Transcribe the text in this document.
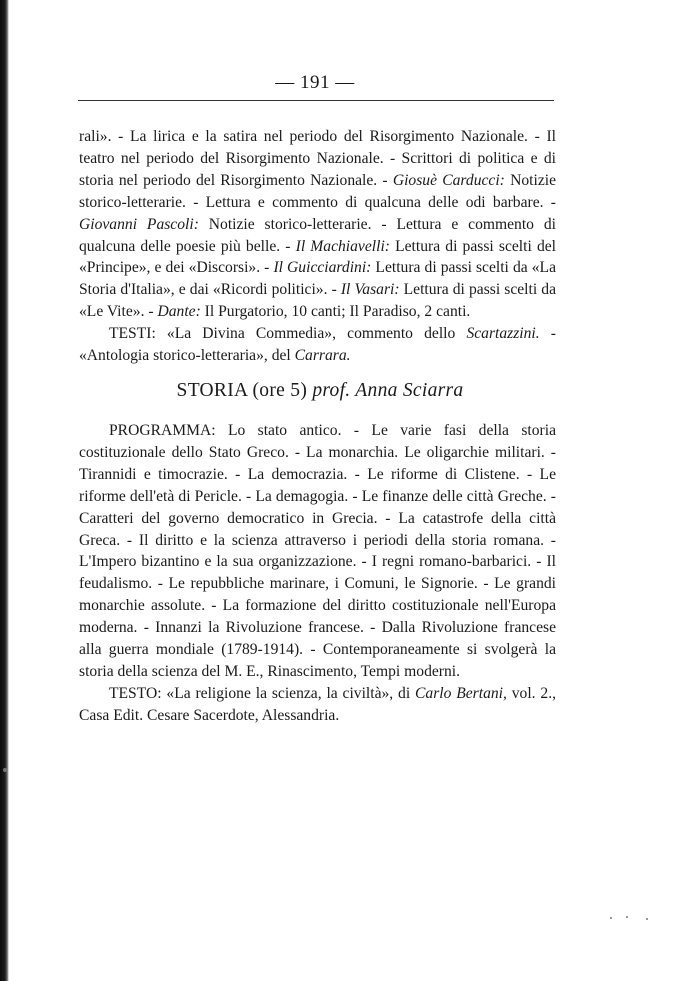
— 191 —

rali». - La lirica e la satira nel periodo del Risorgimento Nazionale. - Il teatro nel periodo del Risorgimento Nazionale. - Scrittori di politica e di storia nel periodo del Risorgimento Nazionale. - Giosuè Carducci: Notizie storico-letterarie. - Lettura e commento di qualcuna delle odi barbare. - Giovanni Pascoli: Notizie storico-letterarie. - Lettura e commento di qualcuna delle poesie più belle. - Il Machiavelli: Lettura di passi scelti del «Principe», e dei «Discorsi». - Il Guicciardini: Lettura di passi scelti da «La Storia d'Italia», e dai «Ricordi politici». - Il Vasari: Lettura di passi scelti da «Le Vite». - Dante: Il Purgatorio, 10 canti; Il Paradiso, 2 canti.

TESTI: «La Divina Commedia», commento dello Scartazzini. - «Antologia storico-letteraria», del Carrara.

STORIA (ore 5) prof. Anna Sciarra

PROGRAMMA: Lo stato antico. - Le varie fasi della storia costituzionale dello Stato Greco. - La monarchia. Le oligarchie militari. - Tirannidi e timocrazie. - La democrazia. - Le riforme di Clistene. - Le riforme dell'età di Pericle. - La demagogia. - Le finanze delle città Greche. - Caratteri del governo democratico in Grecia. - La catastrofe della città Greca. - Il diritto e la scienza attraverso i periodi della storia romana. - L'Impero bizantino e la sua organizzazione. - I regni romano-barbarici. - Il feudalismo. - Le repubbliche marinare, i Comuni, le Signorie. - Le grandi monarchie assolute. - La formazione del diritto costituzionale nell'Europa moderna. - Innanzi la Rivoluzione francese. - Dalla Rivoluzione francese alla guerra mondiale (1789-1914). - Contemporaneamente si svolgerà la storia della scienza del M. E., Rinascimento, Tempi moderni.

TESTO: «La religione la scienza, la civiltà», di Carlo Bertani, vol. 2., Casa Edit. Cesare Sacerdote, Alessandria.
